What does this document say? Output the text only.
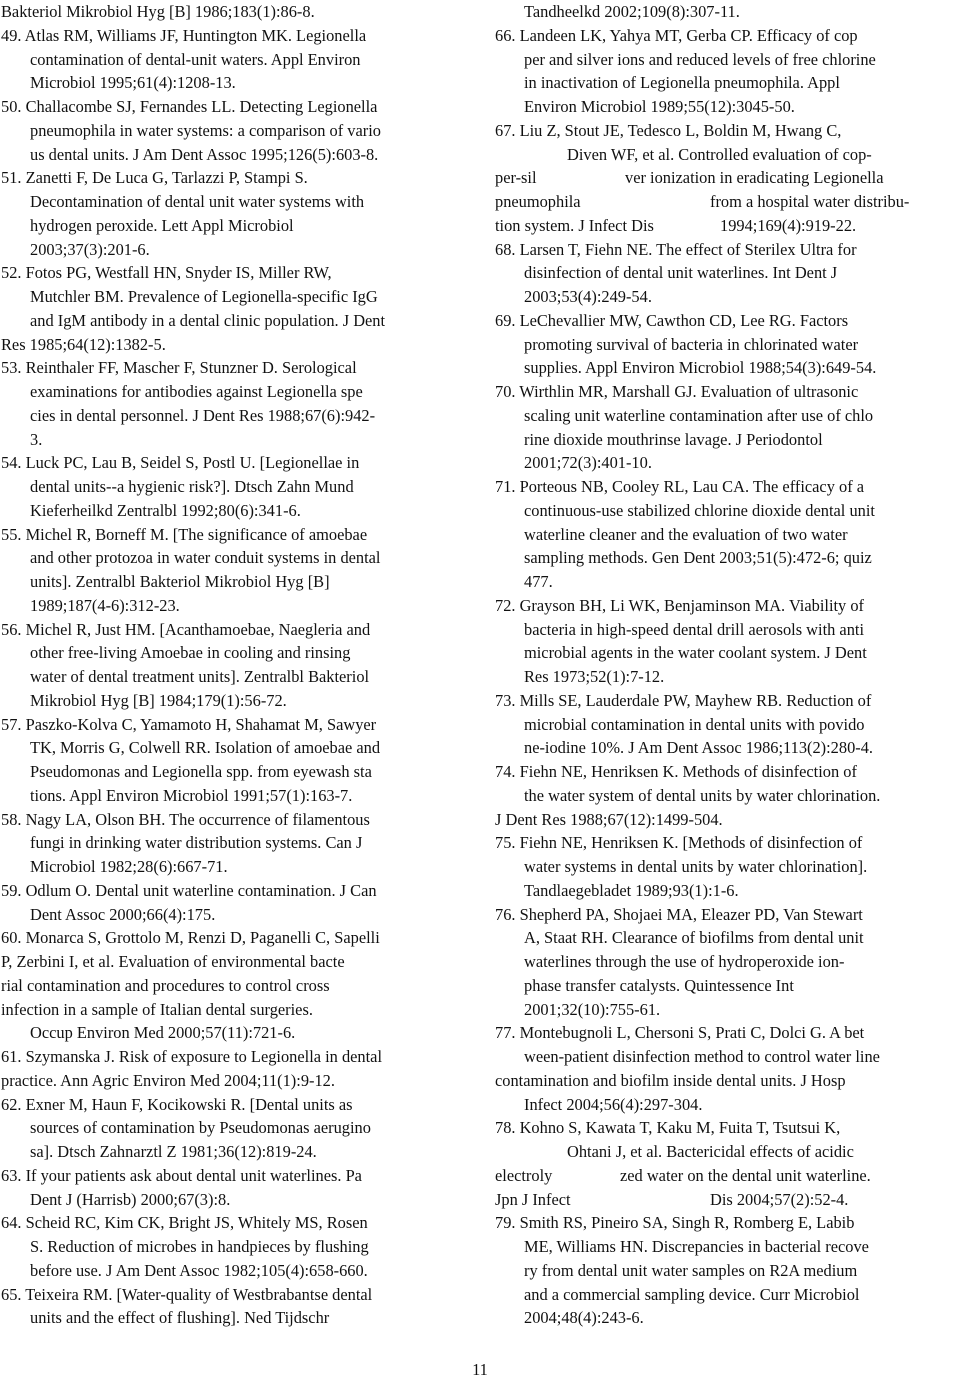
Bakteriol Mikrobiol Hyg [B] 1986;183(1):86-8.
49. Atlas RM, Williams JF, Huntington MK. Legionella
contamination of dental-unit waters. Appl Environ
Microbiol 1995;61(4):1208-13.
50. Challacombe SJ, Fernandes LL. Detecting Legionella
pneumophila in water systems: a comparison of vario
us dental units. J Am Dent Assoc 1995;126(5):603-8.
51. Zanetti F, De Luca G, Tarlazzi P, Stampi S.
Decontamination of dental unit water systems with
hydrogen peroxide. Lett Appl Microbiol
2003;37(3):201-6.
52. Fotos PG, Westfall HN, Snyder IS, Miller RW,
Mutchler BM. Prevalence of Legionella-specific IgG
and IgM antibody in a dental clinic population. J Dent
Res 1985;64(12):1382-5.
53. Reinthaler FF, Mascher F, Stunzner D. Serological
examinations for antibodies against Legionella spe
cies in dental personnel. J Dent Res 1988;67(6):942-
3.
54. Luck PC, Lau B, Seidel S, Postl U. [Legionellae in
dental units--a hygienic risk?]. Dtsch Zahn Mund
Kieferheilkd Zentralbl 1992;80(6):341-6.
55. Michel R, Borneff M. [The significance of amoebae
and other protozoa in water conduit systems in dental
units]. Zentralbl Bakteriol Mikrobiol Hyg [B]
1989;187(4-6):312-23.
56. Michel R, Just HM. [Acanthamoebae, Naegleria and
other free-living Amoebae in cooling and rinsing
water of dental treatment units]. Zentralbl Bakteriol
Mikrobiol Hyg [B] 1984;179(1):56-72.
57. Paszko-Kolva C, Yamamoto H, Shahamat M, Sawyer
TK, Morris G, Colwell RR. Isolation of amoebae and
Pseudomonas and Legionella spp. from eyewash sta
tions. Appl Environ Microbiol 1991;57(1):163-7.
58. Nagy LA, Olson BH. The occurrence of filamentous
fungi in drinking water distribution systems. Can J
Microbiol 1982;28(6):667-71.
59. Odlum O. Dental unit waterline contamination. J Can
Dent Assoc 2000;66(4):175.
60. Monarca S, Grottolo M, Renzi D, Paganelli C, Sapelli
P, Zerbini I, et al. Evaluation of environmental bacte
rial contamination and procedures to control cross
infection in a sample of Italian dental surgeries.
Occup Environ Med 2000;57(11):721-6.
61. Szymanska J. Risk of exposure to Legionella in dental
practice. Ann Agric Environ Med 2004;11(1):9-12.
62. Exner M, Haun F, Kocikowski R. [Dental units as
sources of contamination by Pseudomonas aerugino
sa]. Dtsch Zahnarztl Z 1981;36(12):819-24.
63. If your patients ask about dental unit waterlines. Pa
Dent J (Harrisb) 2000;67(3):8.
64. Scheid RC, Kim CK, Bright JS, Whitely MS, Rosen
S. Reduction of microbes in handpieces by flushing
before use. J Am Dent Assoc 1982;105(4):658-660.
65. Teixeira RM. [Water-quality of Westbrabantse dental
units and the effect of flushing]. Ned Tijdschr
Tandheelkd 2002;109(8):307-11.
66. Landeen LK, Yahya MT, Gerba CP. Efficacy of cop
per and silver ions and reduced levels of free chlorine
in inactivation of Legionella pneumophila. Appl
Environ Microbiol 1989;55(12):3045-50.
67. Liu Z, Stout JE, Tedesco L, Boldin M, Hwang C,
Diven WF, et al. Controlled evaluation of cop-
per-sil	ver ionization in eradicating Legionella
pneumophila	from a hospital water distribu-
tion system. J Infect Dis	1994;169(4):919-22.
68. Larsen T, Fiehn NE. The effect of Sterilex Ultra for
disinfection of dental unit waterlines. Int Dent J
2003;53(4):249-54.
69. LeChevallier MW, Cawthon CD, Lee RG. Factors
promoting survival of bacteria in chlorinated water
supplies. Appl Environ Microbiol 1988;54(3):649-54.
70. Wirthlin MR, Marshall GJ. Evaluation of ultrasonic
scaling unit waterline contamination after use of chlo
rine dioxide mouthrinse lavage. J Periodontol
2001;72(3):401-10.
71. Porteous NB, Cooley RL, Lau CA. The efficacy of a
continuous-use stabilized chlorine dioxide dental unit
waterline cleaner and the evaluation of two water
sampling methods. Gen Dent 2003;51(5):472-6; quiz
477.
72. Grayson BH, Li WK, Benjaminson MA. Viability of
bacteria in high-speed dental drill aerosols with anti
microbial agents in the water coolant system. J Dent
Res 1973;52(1):7-12.
73. Mills SE, Lauderdale PW, Mayhew RB. Reduction of
microbial contamination in dental units with povido
ne-iodine 10%. J Am Dent Assoc 1986;113(2):280-4.
74. Fiehn NE, Henriksen K. Methods of disinfection of
the water system of dental units by water chlorination.
J Dent Res 1988;67(12):1499-504.
75. Fiehn NE, Henriksen K. [Methods of disinfection of
water systems in dental units by water chlorination].
Tandlaegebladet 1989;93(1):1-6.
76. Shepherd PA, Shojaei MA, Eleazer PD, Van Stewart
A, Staat RH. Clearance of biofilms from dental unit
waterlines through the use of hydroperoxide ion-
phase transfer catalysts. Quintessence Int
2001;32(10):755-61.
77. Montebugnoli L, Chersoni S, Prati C, Dolci G. A bet
ween-patient disinfection method to control water line
contamination and biofilm inside dental units. J Hosp
Infect 2004;56(4):297-304.
78. Kohno S, Kawata T, Kaku M, Fuita T, Tsutsui K,
Ohtani J, et al. Bactericidal effects of acidic
electroly	zed water on the dental unit waterline.
Jpn J Infect	Dis 2004;57(2):52-4.
79. Smith RS, Pineiro SA, Singh R, Romberg E, Labib
ME, Williams HN. Discrepancies in bacterial recove
ry from dental unit water samples on R2A medium
and a commercial sampling device. Curr Microbiol
2004;48(4):243-6.
11
